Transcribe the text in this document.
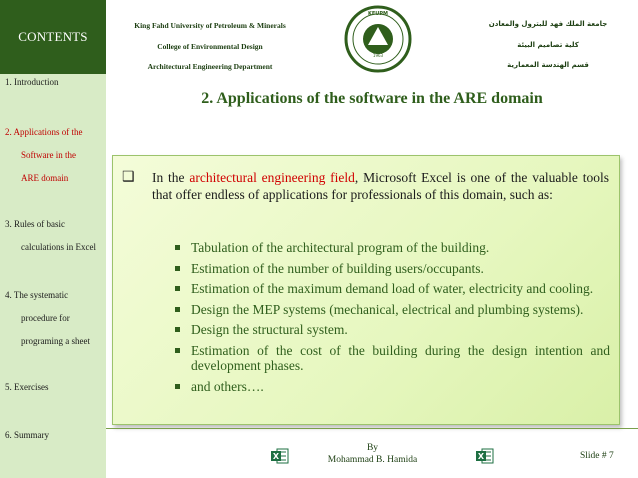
CONTENTS
1. Introduction
2. Applications of the
Software in the
ARE domain
3. Rules of basic
calculations in Excel
4. The systematic
procedure for
programing a sheet
5. Exercises
6. Summary
King Fahd University of Petroleum & Minerals
College of Environmental Design
Architectural Engineering Department
KFUPM
1963
جامعة الملك فهد للبترول والمعادن
كلية تصاميم البيئة
قسم الهندسة المعمارية
2. Applications of the software in the ARE domain
❑	In the architectural engineering field, Microsoft Excel is one of the valuable tools that offer endless of applications for professionals of this domain, such as:
Tabulation of the architectural program of the building.
Estimation of the number of building users/occupants.
Estimation of the maximum demand load of water, electricity and cooling.
Design the MEP systems (mechanical, electrical and plumbing systems).
Design the structural system.
Estimation of the cost of the building during the design intention and development phases.
and others….
X
By
Mohammad B. Hamida	X	Slide # 7
